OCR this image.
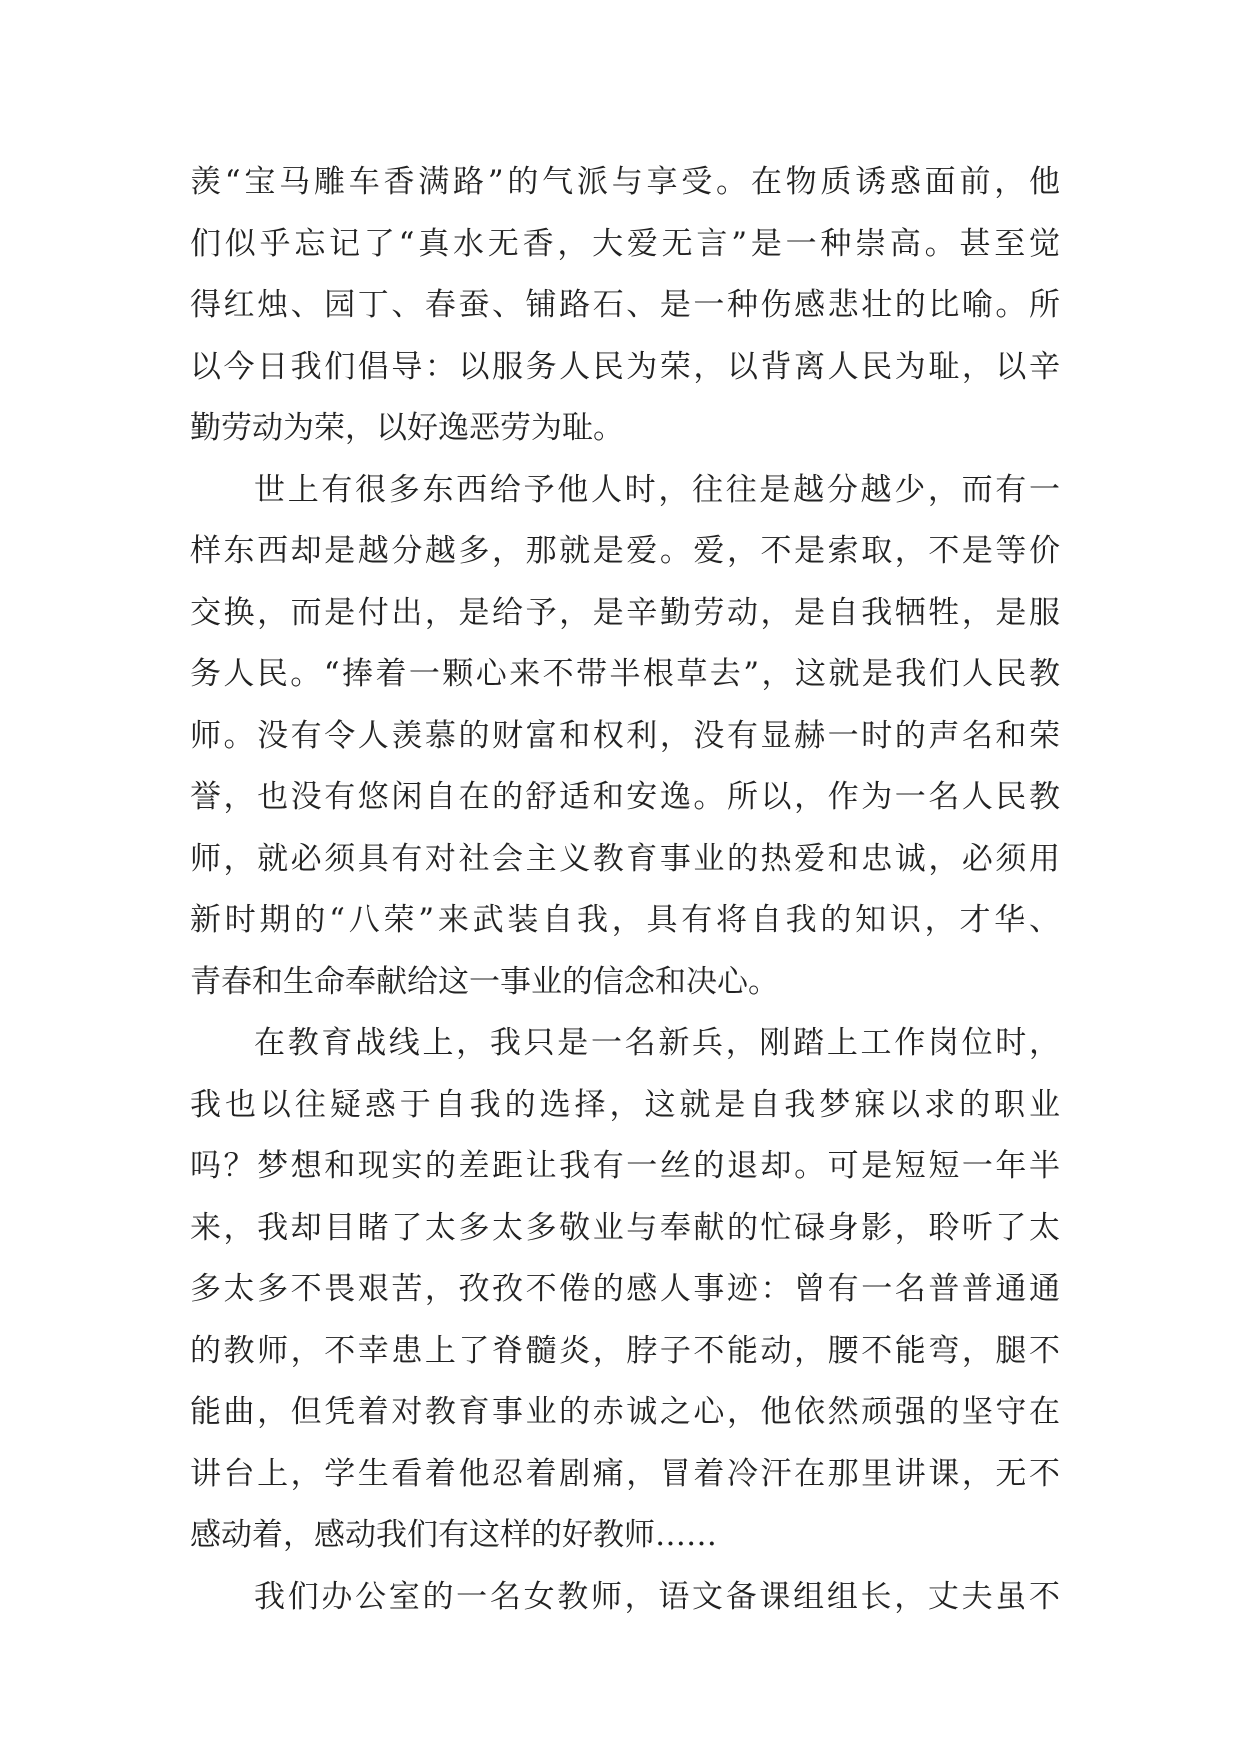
羡“宝马雕车香满路”的气派与享受。在物质诱惑面前，他
们似乎忘记了“真水无香，大爱无言”是一种崇高。甚至觉
得红烛、园丁、春蚕、铺路石、是一种伤感悲壮的比喻。所
以今日我们倡导：以服务人民为荣，以背离人民为耻，以辛
勤劳动为荣，以好逸恶劳为耻。
世上有很多东西给予他人时，往往是越分越少，而有一
样东西却是越分越多，那就是爱。爱，不是索取，不是等价
交换，而是付出，是给予，是辛勤劳动，是自我牺牲，是服
务人民。“捧着一颗心来不带半根草去”，这就是我们人民教
师。没有令人羡慕的财富和权利，没有显赫一时的声名和荣
誉，也没有悠闲自在的舒适和安逸。所以，作为一名人民教
师，就必须具有对社会主义教育事业的热爱和忠诚，必须用
新时期的“八荣”来武装自我，具有将自我的知识，才华、
青春和生命奉献给这一事业的信念和决心。
在教育战线上，我只是一名新兵，刚踏上工作岗位时，
我也以往疑惑于自我的选择，这就是自我梦寐以求的职业
吗？梦想和现实的差距让我有一丝的退却。可是短短一年半
来，我却目睹了太多太多敬业与奉献的忙碌身影，聆听了太
多太多不畏艰苦，孜孜不倦的感人事迹：曾有一名普普通通
的教师，不幸患上了脊髓炎，脖子不能动，腰不能弯，腿不
能曲，但凭着对教育事业的赤诚之心，他依然顽强的坚守在
讲台上，学生看着他忍着剧痛，冒着冷汗在那里讲课，无不
感动着，感动我们有这样的好教师……
我们办公室的一名女教师，语文备课组组长，丈夫虽不
